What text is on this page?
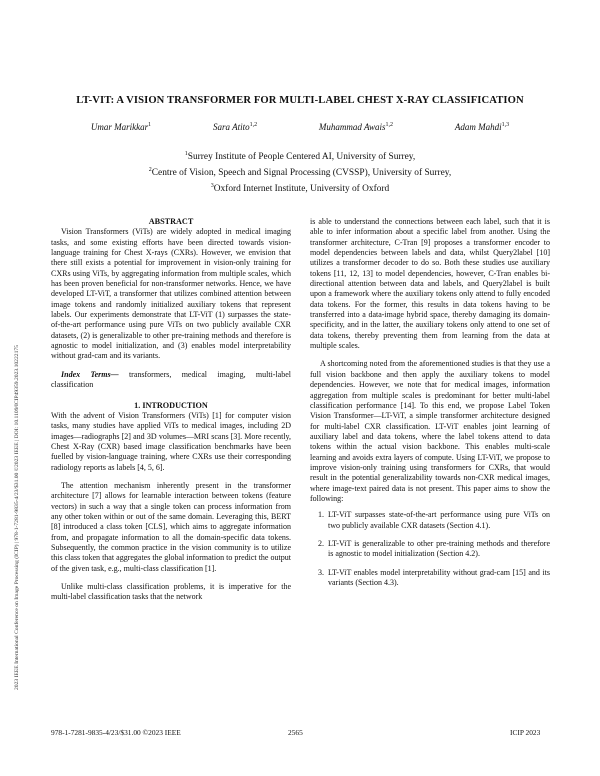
2023 IEEE International Conference on Image Processing (ICIP) | 978-1-7281-9835-4/23/$31.00 ©2023 IEEE | DOI: 10.1109/ICIP49359.2023.10222175
LT-VIT: A VISION TRANSFORMER FOR MULTI-LABEL CHEST X-RAY CLASSIFICATION
Umar Marikkar$^1$	Sara Atito$^{1,2}$	Muhammad Awais$^{1,2}$	Adam Mahdi$^{1,3}$
$^1$Surrey Institute of People Centered AI, University of Surrey,
$^2$Centre of Vision, Speech and Signal Processing (CVSSP), University of Surrey,
$^3$Oxford Internet Institute, University of Oxford

ABSTRACT

Vision Transformers (ViTs) are widely adopted in medical imaging tasks, and some existing efforts have been directed towards vision-language training for Chest X-rays (CXRs). However, we envision that there still exists a potential for improvement in vision-only training for CXRs using ViTs, by aggregating information from multiple scales, which has been proven beneficial for non-transformer networks. Hence, we have developed LT-ViT, a transformer that utilizes combined attention between image tokens and randomly initialized auxiliary tokens that represent labels. Our experiments demonstrate that LT-ViT (1) surpasses the state-of-the-art performance using pure ViTs on two publicly available CXR datasets, (2) is generalizable to other pre-training methods and therefore is agnostic to model initialization, and (3) enables model interpretability without grad-cam and its variants.

Index Terms— transformers, medical imaging, multi-label classification

1. INTRODUCTION

With the advent of Vision Transformers (ViTs) [1] for computer vision tasks, many studies have applied ViTs to medical images, including 2D images—radiographs [2] and 3D volumes—MRI scans [3]. More recently, Chest X-Ray (CXR) based image classification benchmarks have been fuelled by vision-language training, where CXRs use their corresponding radiology reports as labels [4, 5, 6].

The attention mechanism inherently present in the transformer architecture [7] allows for learnable interaction between tokens (feature vectors) in such a way that a single token can process information from any other token within or out of the same domain. Leveraging this, BERT [8] introduced a class token [CLS], which aims to aggregate information from, and propagate information to all the domain-specific data tokens. Subsequently, the common practice in the vision community is to utilize this class token that aggregates the global information to predict the output of the given task, e.g., multi-class classification [1].

Unlike multi-class classification problems, it is imperative for the multi-label classification tasks that the network

is able to understand the connections between each label, such that it is able to infer information about a specific label from another. Using the transformer architecture, C-Tran [9] proposes a transformer encoder to model dependencies between labels and data, whilst Query2label [10] utilizes a transformer decoder to do so. Both these studies use auxiliary tokens [11, 12, 13] to model dependencies, however, C-Tran enables bi-directional attention between data and labels, and Query2label is built upon a framework where the auxiliary tokens only attend to fully encoded data tokens. For the former, this results in data tokens having to be transferred into a data-image hybrid space, thereby damaging its domain-specificity, and in the latter, the auxiliary tokens only attend to one set of data tokens, thereby preventing them from learning from the data at multiple scales.

A shortcoming noted from the aforementioned studies is that they use a full vision backbone and then apply the auxiliary tokens to model dependencies. However, we note that for medical images, information aggregation from multiple scales is predominant for better multi-label classification performance [14]. To this end, we propose Label Token Vision Transformer—LT-ViT, a simple transformer architecture designed for multi-label CXR classification. LT-ViT enables joint learning of auxiliary label and data tokens, where the label tokens attend to data tokens within the actual vision backbone. This enables multi-scale learning and avoids extra layers of compute. Using LT-ViT, we propose to improve vision-only training using transformers for CXRs, that would result in the potential generalizability towards non-CXR medical images, where image-text paired data is not present. This paper aims to show the following:

1. LT-ViT surpasses state-of-the-art performance using pure ViTs on two publicly available CXR datasets (Section 4.1).
2. LT-ViT is generalizable to other pre-training methods and therefore is agnostic to model initialization (Section 4.2).
3. LT-ViT enables model interpretability without grad-cam [15] and its variants (Section 4.3).
978-1-7281-9835-4/23/$31.00 ©2023 IEEE	2565	ICIP 2023
